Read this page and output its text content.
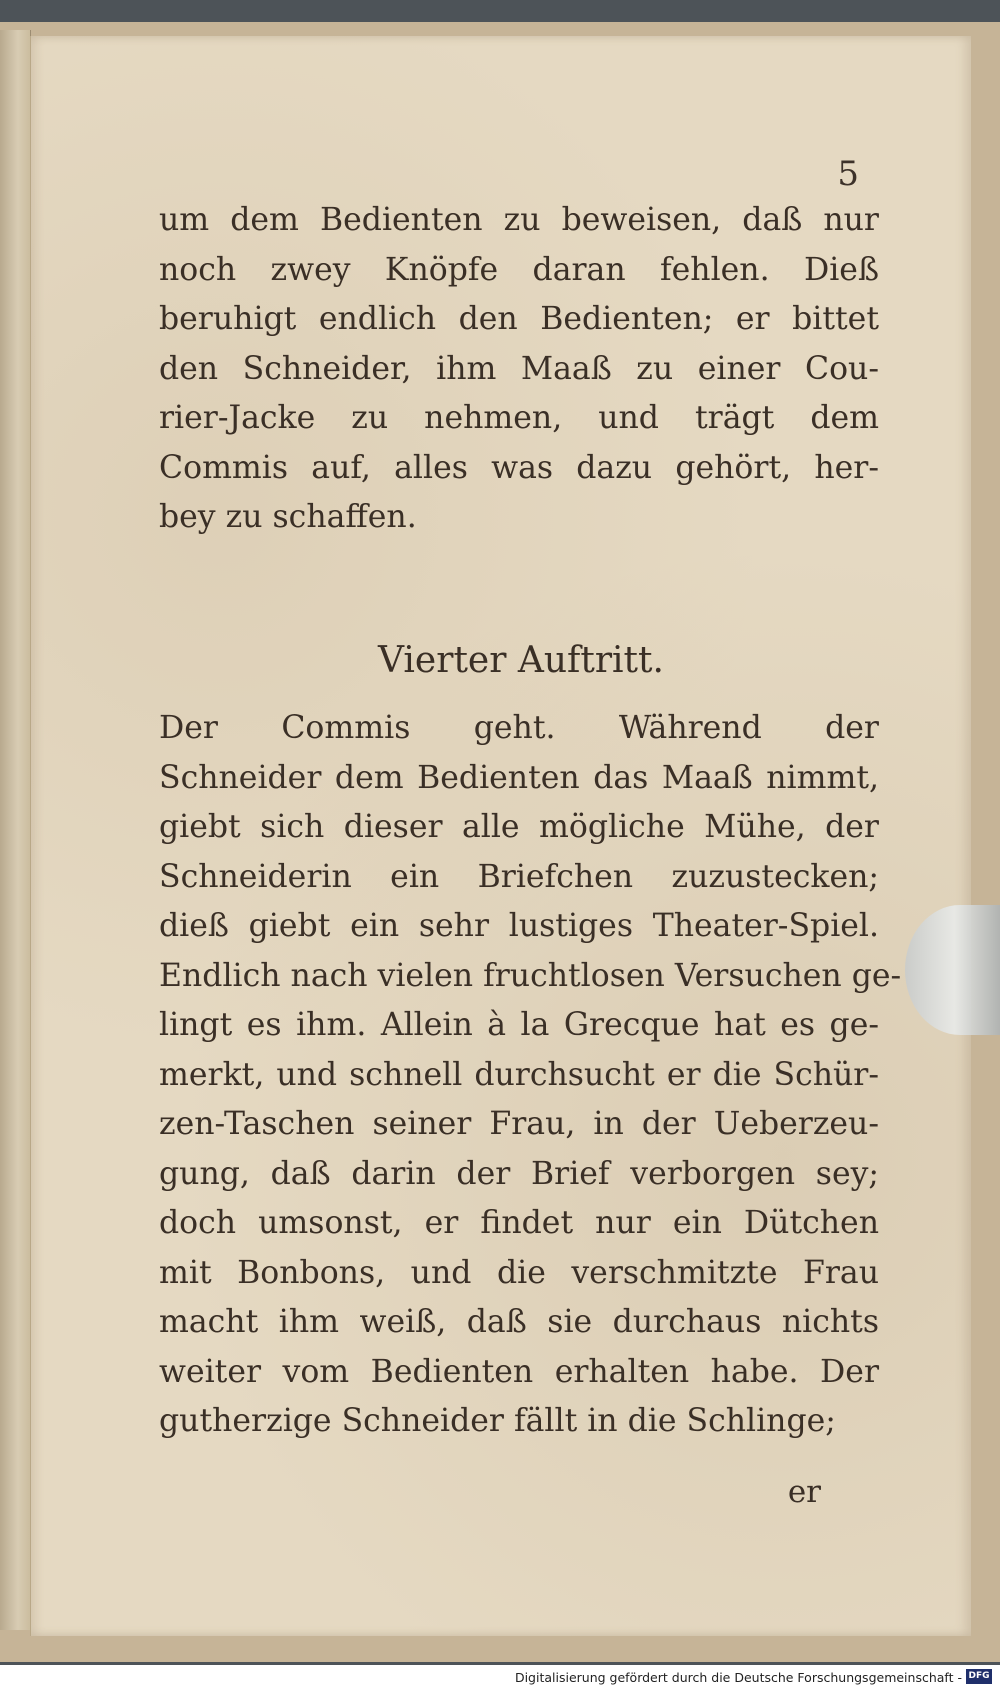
5
um dem Bedienten zu beweisen, daß nur
noch zwey Knöpfe daran fehlen. Dieß
beruhigt endlich den Bedienten; er bittet
den Schneider, ihm Maaß zu einer Cou-
rier-Jacke zu nehmen, und trägt dem
Commis auf, alles was dazu gehört, her-
bey zu schaffen.
Vierter Auftritt.
Der Commis geht. Während der
Schneider dem Bedienten das Maaß nimmt,
giebt sich dieser alle mögliche Mühe, der
Schneiderin ein Briefchen zuzustecken;
dieß giebt ein sehr lustiges Theater-Spiel.
Endlich nach vielen fruchtlosen Versuchen ge-
lingt es ihm. Allein à la Grecque hat es ge-
merkt, und schnell durchsucht er die Schür-
zen-Taschen seiner Frau, in der Ueberzeu-
gung, daß darin der Brief verborgen sey;
doch umsonst, er findet nur ein Dütchen
mit Bonbons, und die verschmitzte Frau
macht ihm weiß, daß sie durchaus nichts
weiter vom Bedienten erhalten habe. Der
gutherzige Schneider fällt in die Schlinge;
er
Digitalisierung gefördert durch die Deutsche Forschungsgemeinschaft - DFG
